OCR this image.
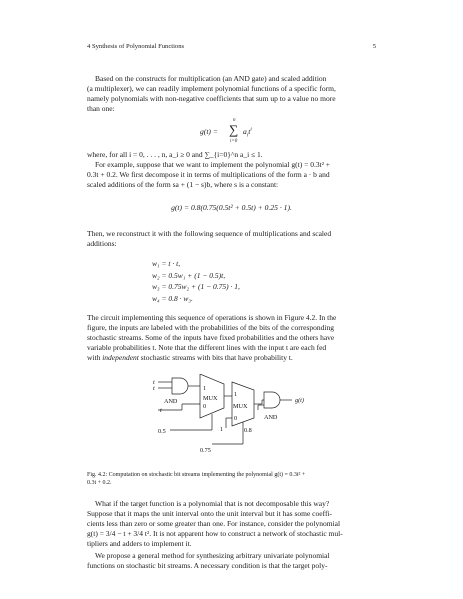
4 Synthesis of Polynomial Functions	5

Based on the constructs for multiplication (an AND gate) and scaled addition

(a multiplexer), we can readily implement polynomial functions of a specific form,

namely polynomials with non-negative coefficients that sum up to a value no more

than one:

g(t) =
n
∑
i=0
$a_it^i$

where, for all i = 0, . . . , n, a_i ≥ 0 and ∑_{i=0}^n a_i ≤ 1.

For example, suppose that we want to implement the polynomial g(t) = 0.3t² +

0.3t + 0.2. We first decompose it in terms of multiplications of the form a · b and

scaled additions of the form sa + (1 − s)b, where s is a constant:

g(t) = 0.8(0.75(0.5t² + 0.5t) + 0.25 · 1).

Then, we reconstruct it with the following sequence of multiplications and scaled

additions:

w₁ = t · t,
w₂ = 0.5w₁ + (1 − 0.5)t,
w₃ = 0.75w₂ + (1 − 0.75) · 1,
w₄ = 0.8 · w₃.

The circuit implementing this sequence of operations is shown in Figure 4.2. In the

figure, the inputs are labeled with the probabilities of the bits of the corresponding

stochastic streams. Some of the inputs have fixed probabilities and the others have

variable probabilities t. Note that the different lines with the input t are each fed

with independent stochastic streams with bits that have probability t.

t
t
AND
t
1
MUX
0
0.5
1
MUX
0
1	0.8
0.75
AND
g(t)
Fig. 4.2: Computation on stochastic bit streams implementing the polynomial g(t) = 0.3t² +
0.3t + 0.2.

What if the target function is a polynomial that is not decomposable this way?

Suppose that it maps the unit interval onto the unit interval but it has some coeffi-

cients less than zero or some greater than one. For instance, consider the polynomial

g(t) = 3/4 − t + 3/4 t². It is not apparent how to construct a network of stochastic mul-

tipliers and adders to implement it.

We propose a general method for synthesizing arbitrary univariate polynomial

functions on stochastic bit streams. A necessary condition is that the target poly-
